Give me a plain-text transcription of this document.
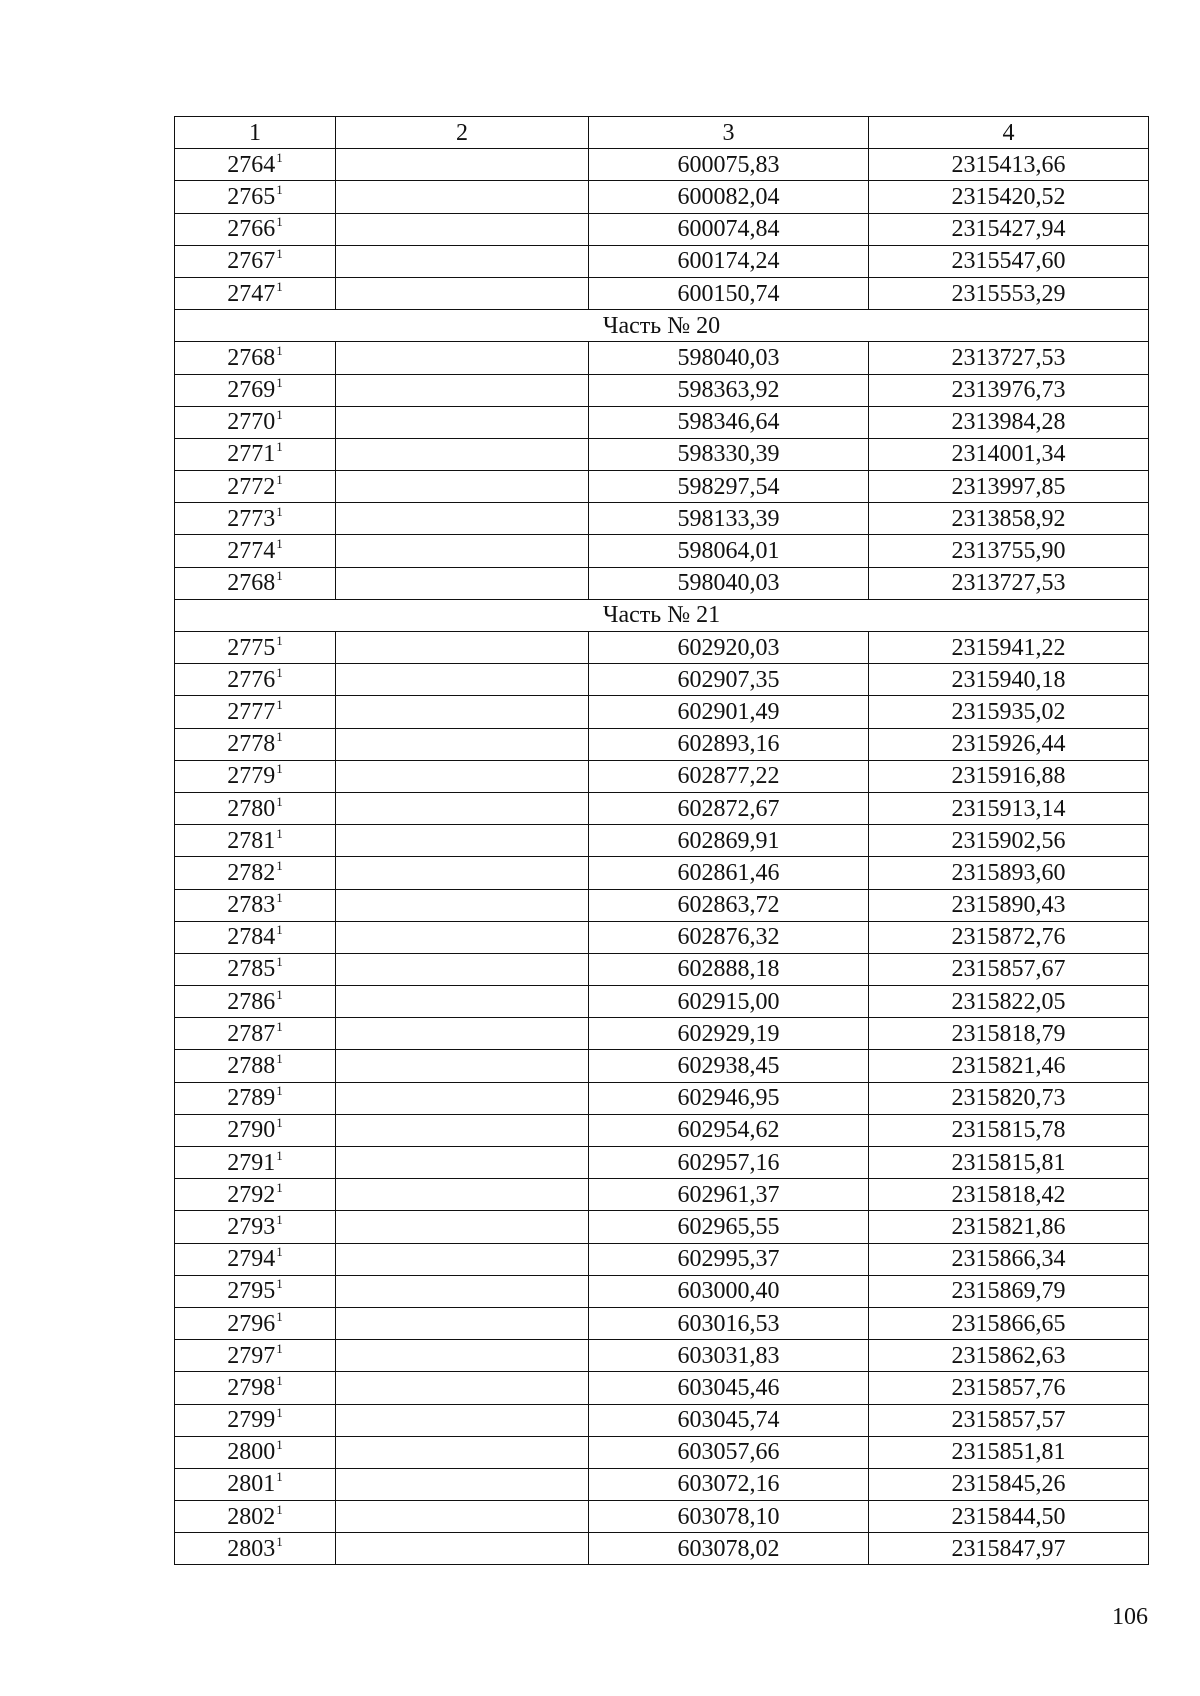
1	2	3	4
2764$^1$		600075,83	2315413,66
2765$^1$		600082,04	2315420,52
2766$^1$		600074,84	2315427,94
2767$^1$		600174,24	2315547,60
2747$^1$		600150,74	2315553,29
Часть № 20			
2768$^1$		598040,03	2313727,53
2769$^1$		598363,92	2313976,73
2770$^1$		598346,64	2313984,28
2771$^1$		598330,39	2314001,34
2772$^1$		598297,54	2313997,85
2773$^1$		598133,39	2313858,92
2774$^1$		598064,01	2313755,90
2768$^1$		598040,03	2313727,53
Часть № 21			
2775$^1$		602920,03	2315941,22
2776$^1$		602907,35	2315940,18
2777$^1$		602901,49	2315935,02
2778$^1$		602893,16	2315926,44
2779$^1$		602877,22	2315916,88
2780$^1$		602872,67	2315913,14
2781$^1$		602869,91	2315902,56
2782$^1$		602861,46	2315893,60
2783$^1$		602863,72	2315890,43
2784$^1$		602876,32	2315872,76
2785$^1$		602888,18	2315857,67
2786$^1$		602915,00	2315822,05
2787$^1$		602929,19	2315818,79
2788$^1$		602938,45	2315821,46
2789$^1$		602946,95	2315820,73
2790$^1$		602954,62	2315815,78
2791$^1$		602957,16	2315815,81
2792$^1$		602961,37	2315818,42
2793$^1$		602965,55	2315821,86
2794$^1$		602995,37	2315866,34
2795$^1$		603000,40	2315869,79
2796$^1$		603016,53	2315866,65
2797$^1$		603031,83	2315862,63
2798$^1$		603045,46	2315857,76
2799$^1$		603045,74	2315857,57
2800$^1$		603057,66	2315851,81
2801$^1$		603072,16	2315845,26
2802$^1$		603078,10	2315844,50
2803$^1$		603078,02	2315847,97
106
